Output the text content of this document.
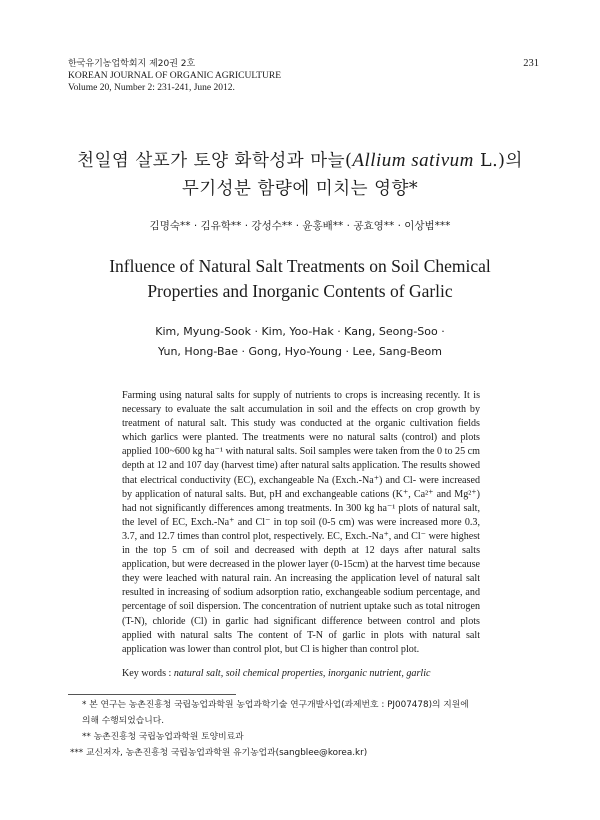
한국유기농업학회지 제20권 2호
KOREAN JOURNAL OF ORGANIC AGRICULTURE
Volume 20, Number 2: 231-241, June 2012.
231
천일염 살포가 토양 화학성과 마늘(Allium sativum L.)의
무기성분 함량에 미치는 영향*
김명숙** · 김유학** · 강성수** · 윤홍배** · 공효영** · 이상범***
Influence of Natural Salt Treatments on Soil Chemical
Properties and Inorganic Contents of Garlic
Kim, Myung-Sook · Kim, Yoo-Hak · Kang, Seong-Soo ·
Yun, Hong-Bae · Gong, Hyo-Young · Lee, Sang-Beom
Farming using natural salts for supply of nutrients to crops is increasing recently. It is necessary to evaluate the salt accumulation in soil and the effects on crop growth by treatment of natural salt. This study was conducted at the organic cultivation fields which garlics were planted. The treatments were no natural salts (control) and plots applied 100~600 kg ha⁻¹ with natural salts. Soil samples were taken from the 0 to 25 cm depth at 12 and 107 day (harvest time) after natural salts application. The results showed that electrical conductivity (EC), exchangeable Na (Exch.-Na⁺) and Cl- were increased by application of natural salts. But, pH and exchangeable cations (K⁺, Ca²⁺ and Mg²⁺) had not significantly differences among treatments. In 300 kg ha⁻¹ plots of natural salt, the level of EC, Exch.-Na⁺ and Cl⁻ in top soil (0-5 cm) was were increased more 0.3, 3.7, and 12.7 times than control plot, respectively. EC, Exch.-Na⁺, and Cl⁻ were highest in the top 5 cm of soil and decreased with depth at 12 days after natural salts application, but were decreased in the plower layer (0-15cm) at the harvest time because they were leached with natural rain. An increasing the application level of natural salt resulted in increasing of sodium adsorption ratio, exchangeable sodium percentage, and percentage of soil dispersion. The concentration of nutrient uptake such as total nitrogen (T-N), chloride (Cl) in garlic had significant difference between control and plots applied with natural salts The content of T-N of garlic in plots with natural salt application was lower than control plot, but Cl is higher than control plot.
Key words : natural salt, soil chemical properties, inorganic nutrient, garlic
* 본 연구는 농촌진흥청 국립농업과학원 농업과학기술 연구개발사업(과제번호 : PJ007478)의 지원에
의해 수행되었습니다.
** 농촌진흥청 국립농업과학원 토양비료과
*** 교신저자, 농촌진흥청 국립농업과학원 유기농업과(sangblee@korea.kr)
